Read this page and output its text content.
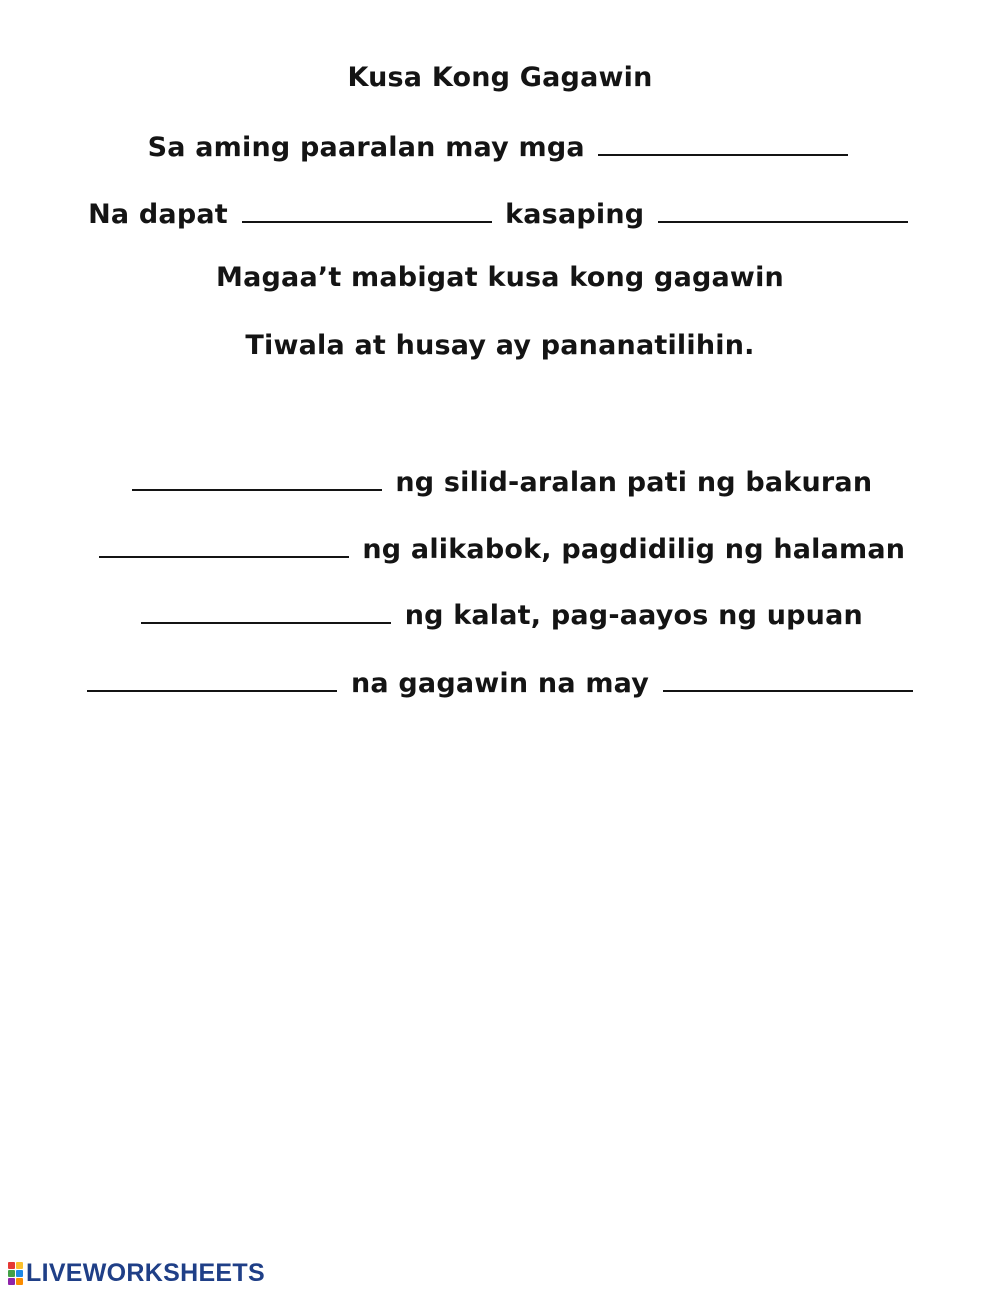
Kusa Kong Gagawin
Sa aming paaralan may mga
Na dapat	kasaping
Magaa’t mabigat kusa kong gagawin
Tiwala at husay ay pananatilihin.
ng silid-aralan pati ng bakuran
ng alikabok, pagdidilig ng halaman
ng kalat, pag-aayos ng upuan
na gagawin na may
LIVEWORKSHEETS
